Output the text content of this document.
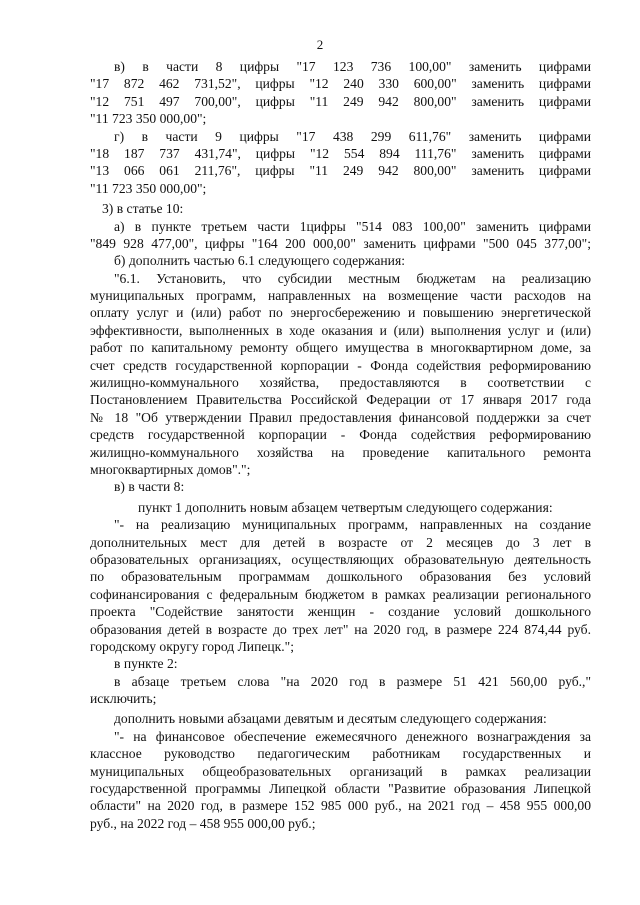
2
в) в части 8 цифры "17 123 736 100,00" заменить цифрами
"17 872 462 731,52", цифры "12 240 330 600,00" заменить цифрами
"12 751 497 700,00", цифры "11 249 942 800,00" заменить цифрами
"11 723 350 000,00";
г) в части 9 цифры "17 438 299 611,76" заменить цифрами
"18 187 737 431,74", цифры "12 554 894 111,76" заменить цифрами
"13 066 061 211,76", цифры "11 249 942 800,00" заменить цифрами
"11 723 350 000,00";
3) в статье 10:
а) в пункте третьем части 1цифры "514 083 100,00" заменить цифрами
"849 928 477,00", цифры "164 200 000,00" заменить цифрами "500 045 377,00";
б) дополнить частью 6.1 следующего содержания:
"6.1. Установить, что субсидии местным бюджетам на реализацию
муниципальных программ, направленных на возмещение части расходов на
оплату услуг и (или) работ по энергосбережению и повышению энергетической
эффективности, выполненных в ходе оказания и (или) выполнения услуг и (или)
работ по капитальному ремонту общего имущества в многоквартирном доме, за
счет средств государственной корпорации - Фонда содействия реформированию
жилищно-коммунального хозяйства, предоставляются в соответствии с
Постановлением Правительства Российской Федерации от 17 января 2017 года
№ 18 "Об утверждении Правил предоставления финансовой поддержки за счет
средств государственной корпорации - Фонда содействия реформированию
жилищно-коммунального хозяйства на проведение капитального ремонта
многоквартирных домов".";
в) в части 8:
пункт 1 дополнить новым абзацем четвертым следующего содержания:
"- на реализацию муниципальных программ, направленных на создание
дополнительных мест для детей в возрасте от 2 месяцев до 3 лет в
образовательных организациях, осуществляющих образовательную деятельность
по образовательным программам дошкольного образования без условий
софинансирования с федеральным бюджетом в рамках реализации регионального
проекта "Содействие занятости женщин - создание условий дошкольного
образования детей в возрасте до трех лет" на 2020 год, в размере 224 874,44 руб.
городскому округу город Липецк.";
в пункте 2:
в абзаце третьем слова "на 2020 год в размере 51 421 560,00 руб.,"
исключить;
дополнить новыми абзацами девятым и десятым следующего содержания:
"- на финансовое обеспечение ежемесячного денежного вознаграждения за
классное руководство педагогическим работникам государственных и
муниципальных общеобразовательных организаций в рамках реализации
государственной программы Липецкой области "Развитие образования Липецкой
области" на 2020 год, в размере 152 985 000 руб., на 2021 год – 458 955 000,00
руб., на 2022 год – 458 955 000,00 руб.;
